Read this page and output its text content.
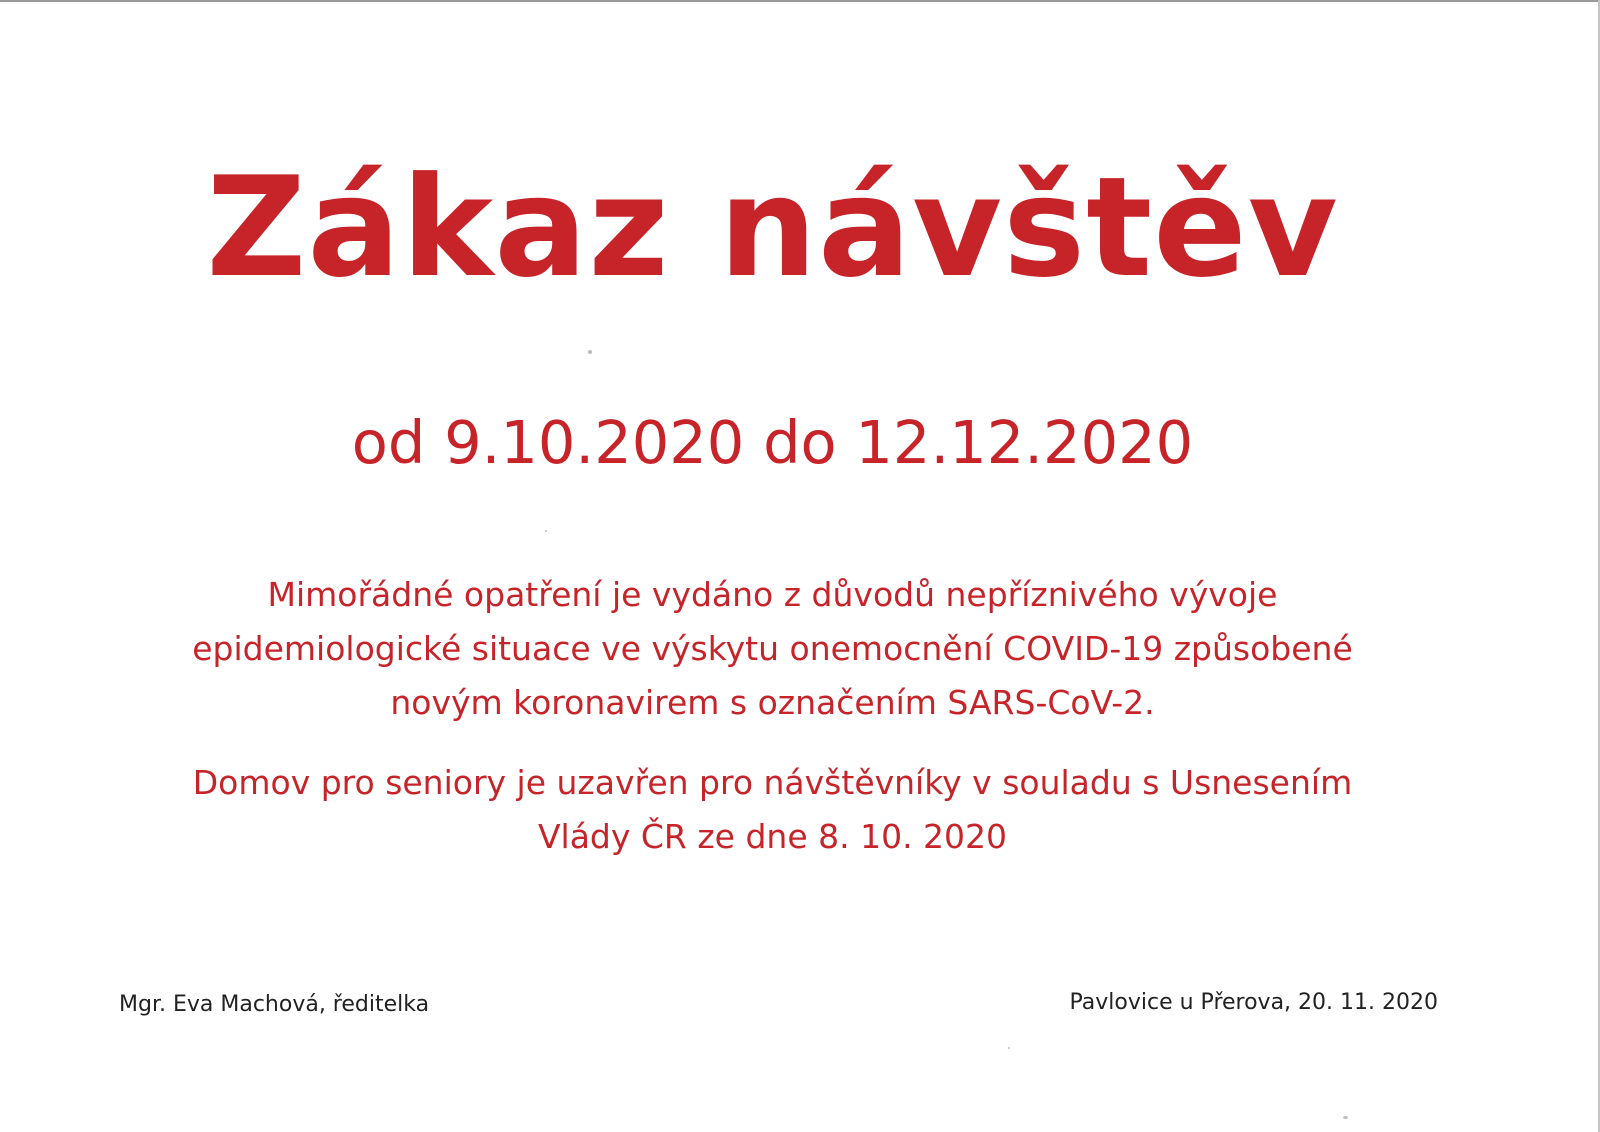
Zákaz návštěv
od 9.10.2020 do 12.12.2020
Mimořádné opatření je vydáno z důvodů nepříznivého vývoje
epidemiologické situace ve výskytu onemocnění COVID-19 způsobené
novým koronavirem s označením SARS-CoV-2.
Domov pro seniory je uzavřen pro návštěvníky v souladu s Usnesením
Vlády ČR ze dne 8. 10. 2020
Mgr. Eva Machová, ředitelka	Pavlovice u Přerova, 20. 11. 2020
